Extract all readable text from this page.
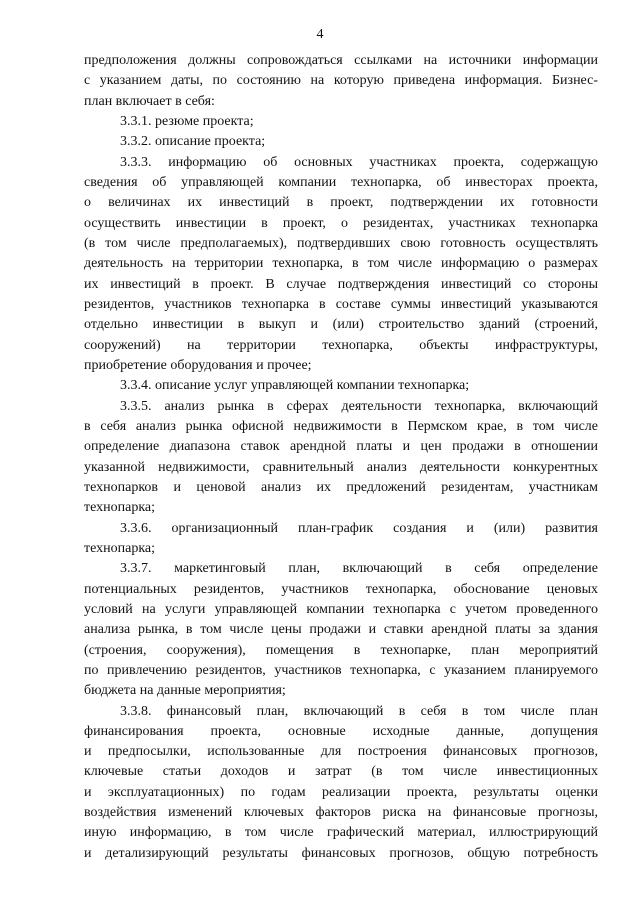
4
предположения должны сопровождаться ссылками на источники информации
с указанием даты, по состоянию на которую приведена информация. Бизнес-
план включает в себя:
3.3.1. резюме проекта;
3.3.2. описание проекта;
3.3.3. информацию об основных участниках проекта, содержащую
сведения об управляющей компании технопарка, об инвесторах проекта,
о величинах их инвестиций в проект, подтверждении их готовности
осуществить инвестиции в проект, о резидентах, участниках технопарка
(в том числе предполагаемых), подтвердивших свою готовность осуществлять
деятельность на территории технопарка, в том числе информацию о размерах
их инвестиций в проект. В случае подтверждения инвестиций со стороны
резидентов, участников технопарка в составе суммы инвестиций указываются
отдельно инвестиции в выкуп и (или) строительство зданий (строений,
сооружений) на территории технопарка, объекты инфраструктуры,
приобретение оборудования и прочее;
3.3.4. описание услуг управляющей компании технопарка;
3.3.5. анализ рынка в сферах деятельности технопарка, включающий
в себя анализ рынка офисной недвижимости в Пермском крае, в том числе
определение диапазона ставок арендной платы и цен продажи в отношении
указанной недвижимости, сравнительный анализ деятельности конкурентных
технопарков и ценовой анализ их предложений резидентам, участникам
технопарка;
3.3.6. организационный план-график создания и (или) развития
технопарка;
3.3.7. маркетинговый план, включающий в себя определение
потенциальных резидентов, участников технопарка, обоснование ценовых
условий на услуги управляющей компании технопарка с учетом проведенного
анализа рынка, в том числе цены продажи и ставки арендной платы за здания
(строения, сооружения), помещения в технопарке, план мероприятий
по привлечению резидентов, участников технопарка, с указанием планируемого
бюджета на данные мероприятия;
3.3.8. финансовый план, включающий в себя в том числе план
финансирования проекта, основные исходные данные, допущения
и предпосылки, использованные для построения финансовых прогнозов,
ключевые статьи доходов и затрат (в том числе инвестиционных
и эксплуатационных) по годам реализации проекта, результаты оценки
воздействия изменений ключевых факторов риска на финансовые прогнозы,
иную информацию, в том числе графический материал, иллюстрирующий
и детализирующий результаты финансовых прогнозов, общую потребность
